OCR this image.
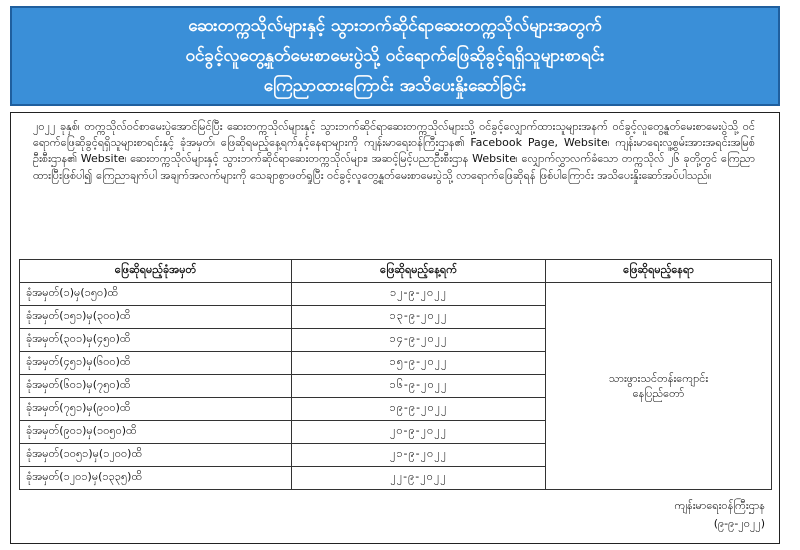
ဆေးတက္ကသိုလ်များနှင့် သွားဘက်ဆိုင်ရာဆေးတက္ကသိုလ်များအတွက်
ဝင်ခွင့်လူတွေ့နှုတ်မေးစာမေးပွဲသို့ ဝင်ရောက်ဖြေဆိုခွင့်ရရှိသူများစာရင်း
ကြေညာထားကြောင်း အသိပေးနှိုးဆော်ခြင်း
၂၀၂၂ ခုနှစ်၊ တက္ကသိုလ်ဝင်စာမေးပွဲအောင်မြင်ပြီး ဆေးတက္ကသိုလ်များနှင့် သွားဘက်ဆိုင်ရာဆေးတက္ကသိုလ်များသို့ ဝင်ခွင့်လျှောက်ထားသူများအနက် ဝင်ခွင့်လူတွေ့နှုတ်မေးစာမေးပွဲသို့ ဝင်ရောက်ဖြေဆိုခွင့်ရရှိသူများစာရင်းနှင့် ခုံအမှတ်၊ ဖြေဆိုရမည့်နေ့ရက်နှင့်နေရာများကို ကျန်းမာရေးဝန်ကြီးဌာန၏ Facebook Page, Website၊ ကျန်းမာရေးလူ့စွမ်းအားအရင်းအမြစ်ဦးစီးဌာန၏ Website၊ ဆေးတက္ကသိုလ်များနှင့် သွားဘက်ဆိုင်ရာဆေးတက္ကသိုလ်များ၊ အဆင့်မြင့်ပညာဦးစီးဌာန Website၊ လျှောက်လွှာလက်ခံသော တက္ကသိုလ် ၂၆ ခုတို့တွင် ကြေညာထားပြီးဖြစ်ပါ၍ ကြေညာချက်ပါ အချက်အလက်များကို သေချာစွာဖတ်ရှုပြီး ဝင်ခွင့်လူတွေ့နှုတ်မေးစာမေးပွဲသို့ လာရောက်ဖြေဆိုရန် ဖြစ်ပါကြောင်း အသိပေးနှိုးဆော်အပ်ပါသည်။
ဖြေဆိုရမည့်ခုံအမှတ်	ဖြေဆိုရမည့်နေ့ရက်	ဖြေဆိုရမည့်နေရာ
ခုံအမှတ်(၁)မှ(၁၅၀)ထိ	၁၂-၉-၂၀၂၂	သားဖွားသင်တန်းကျောင်း
နေပြည်တော်

ခုံအမှတ်(၁၅၁)မှ(၃၀၀)ထိ	၁၃-၉-၂၀၂၂	
ခုံအမှတ်(၃၀၁)မှ(၄၅၀)ထိ	၁၄-၉-၂၀၂၂	
ခုံအမှတ်(၄၅၁)မှ(၆၀၀)ထိ	၁၅-၉-၂၀၂၂	
ခုံအမှတ်(၆၀၁)မှ(၇၅၀)ထိ	၁၆-၉-၂၀၂၂	
ခုံအမှတ်(၇၅၁)မှ(၉၀၀)ထိ	၁၉-၉-၂၀၂၂	
ခုံအမှတ်(၉၀၁)မှ(၁၀၅၀)ထိ	၂၀-၉-၂၀၂၂	
ခုံအမှတ်(၁၀၅၁)မှ(၁၂၀၀)ထိ	၂၁-၉-၂၀၂၂	
ခုံအမှတ်(၁၂၀၁)မှ(၁၃၃၅)ထိ	၂၂-၉-၂၀၂၂	
ကျန်းမာရေးဝန်ကြီးဌာန
(၉-၉-၂၀၂၂)
